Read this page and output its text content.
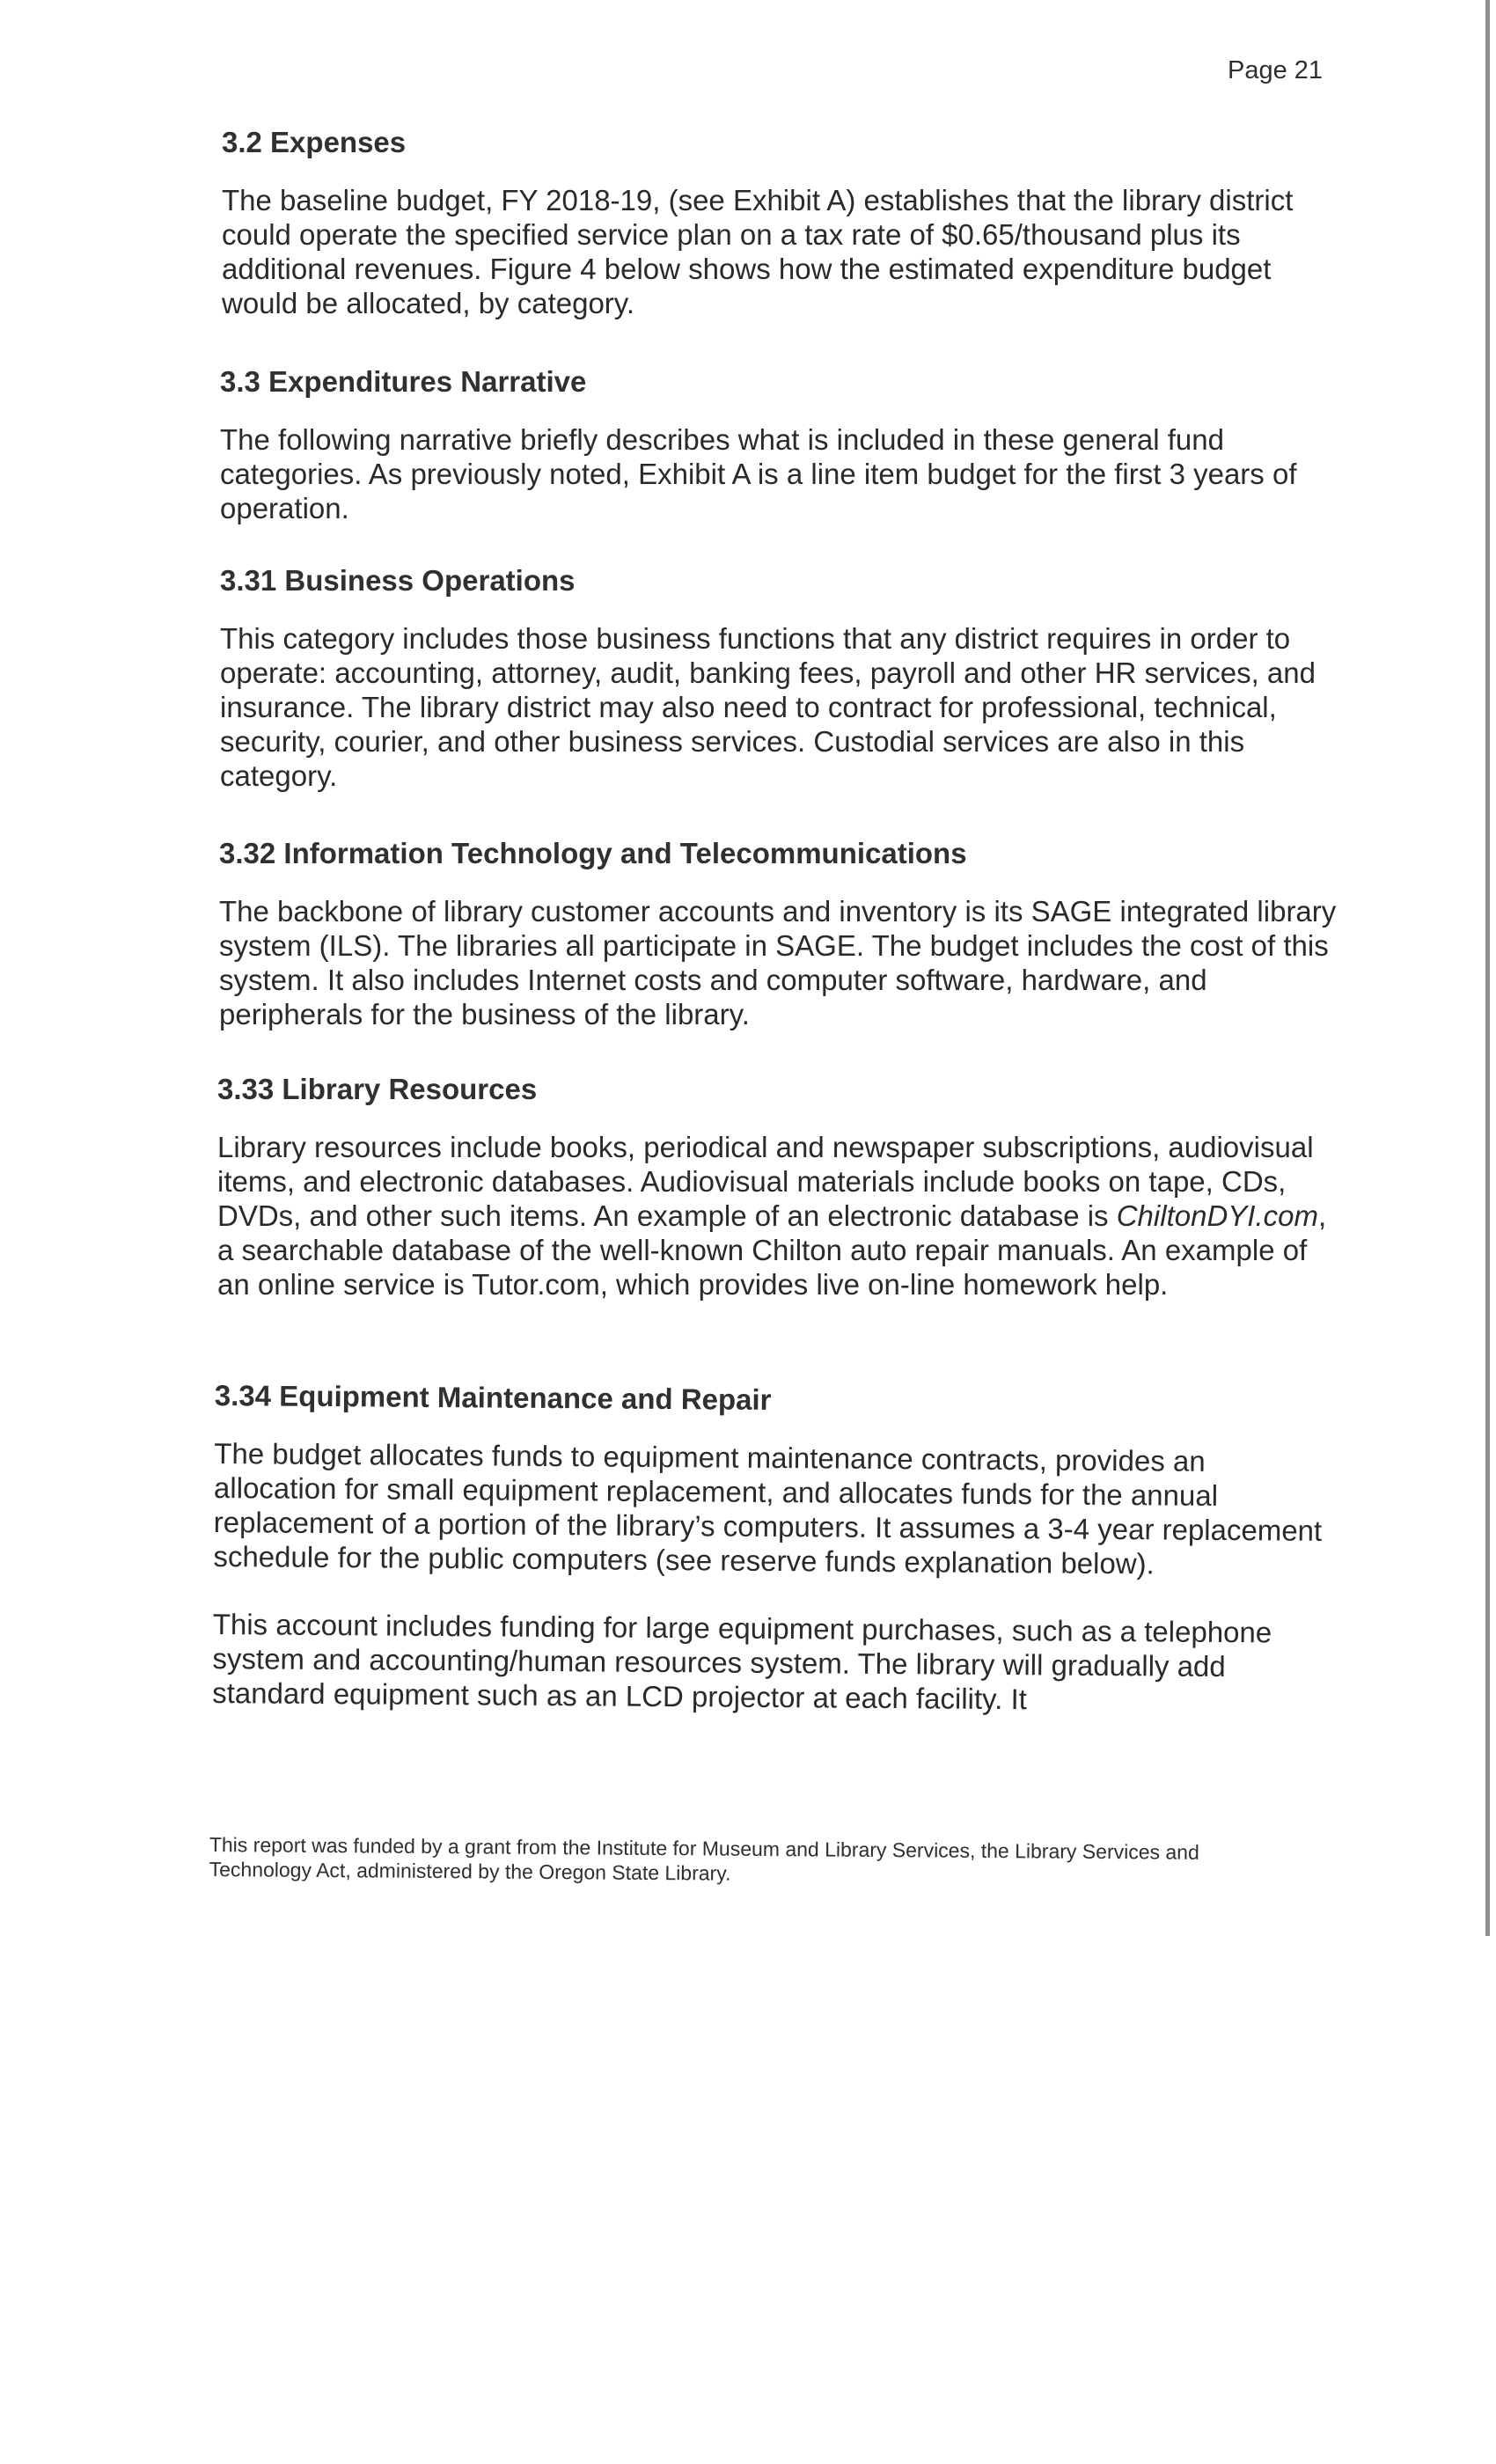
Page 21
3.2 Expenses

The baseline budget, FY 2018-19, (see Exhibit A) establishes that the library district could operate the specified service plan on a tax rate of $0.65/thousand plus its additional revenues. Figure 4 below shows how the estimated expenditure budget would be allocated, by category.

3.3 Expenditures Narrative

The following narrative briefly describes what is included in these general fund categories. As previously noted, Exhibit A is a line item budget for the first 3 years of operation.

3.31 Business Operations

This category includes those business functions that any district requires in order to operate: accounting, attorney, audit, banking fees, payroll and other HR services, and insurance. The library district may also need to contract for professional, technical, security, courier, and other business services. Custodial services are also in this category.

3.32 Information Technology and Telecommunications

The backbone of library customer accounts and inventory is its SAGE integrated library system (ILS). The libraries all participate in SAGE. The budget includes the cost of this system. It also includes Internet costs and computer software, hardware, and peripherals for the business of the library.

3.33 Library Resources

Library resources include books, periodical and newspaper subscriptions, audiovisual items, and electronic databases. Audiovisual materials include books on tape, CDs, DVDs, and other such items. An example of an electronic database is ChiltonDYI.com, a searchable database of the well-known Chilton auto repair manuals. An example of an online service is Tutor.com, which provides live on-line homework help.

3.34 Equipment Maintenance and Repair

The budget allocates funds to equipment maintenance contracts, provides an allocation for small equipment replacement, and allocates funds for the annual replacement of a portion of the library’s computers. It assumes a 3-4 year replacement schedule for the public computers (see reserve funds explanation below).

This account includes funding for large equipment purchases, such as a telephone system and accounting/human resources system. The library will gradually add standard equipment such as an LCD projector at each facility. It

This report was funded by a grant from the Institute for Museum and Library Services, the Library Services and Technology Act, administered by the Oregon State Library.
